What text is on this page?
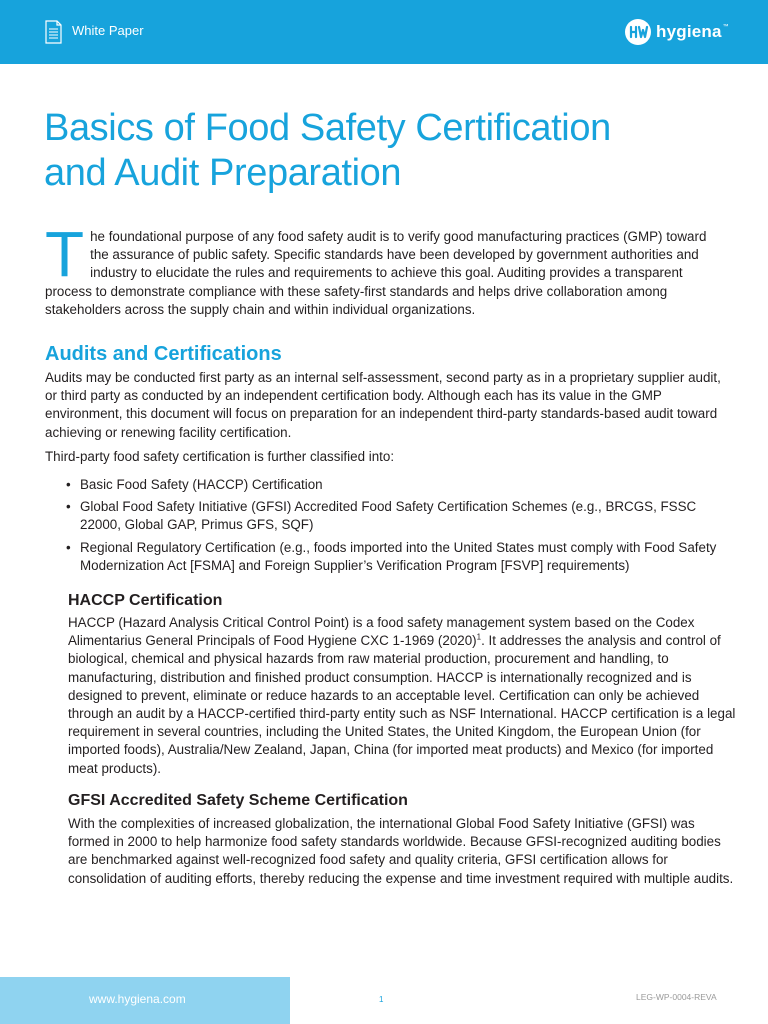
White Paper	hygiena ™
Basics of Food Safety Certification
and Audit Preparation

The foundational purpose of any food safety audit is to verify good manufacturing practices (GMP) toward the assurance of public safety. Specific standards have been developed by government authorities and industry to elucidate the rules and requirements to achieve this goal. Auditing provides a transparent process to demonstrate compliance with these safety-first standards and helps drive collaboration among stakeholders across the supply chain and within individual organizations.

Audits and Certifications

Audits may be conducted first party as an internal self-assessment, second party as in a proprietary supplier audit, or third party as conducted by an independent certification body. Although each has its value in the GMP environment, this document will focus on preparation for an independent third-party standards-based audit toward achieving or renewing facility certification.

Third-party food safety certification is further classified into:

• Basic Food Safety (HACCP) Certification
• Global Food Safety Initiative (GFSI) Accredited Food Safety Certification Schemes (e.g., BRCGS, FSSC 22000, Global GAP, Primus GFS, SQF)
• Regional Regulatory Certification (e.g., foods imported into the United States must comply with Food Safety Modernization Act [FSMA] and Foreign Supplier’s Verification Program [FSVP] requirements)
HACCP Certification

HACCP (Hazard Analysis Critical Control Point) is a food safety management system based on the Codex Alimentarius General Principals of Food Hygiene CXC 1-1969 $(2020)^1$. It addresses the analysis and control of biological, chemical and physical hazards from raw material production, procurement and handling, to manufacturing, distribution and finished product consumption. HACCP is internationally recognized and is designed to prevent, eliminate or reduce hazards to an acceptable level. Certification can only be achieved through an audit by a HACCP-certified third-party entity such as NSF International. HACCP certification is a legal requirement in several countries, including the United States, the United Kingdom, the European Union (for imported foods), Australia/New Zealand, Japan, China (for imported meat products) and Mexico (for imported meat products).

GFSI Accredited Safety Scheme Certification

With the complexities of increased globalization, the international Global Food Safety Initiative (GFSI) was formed in 2000 to help harmonize food safety standards worldwide. Because GFSI-recognized auditing bodies are benchmarked against well-recognized food safety and quality criteria, GFSI certification allows for consolidation of auditing efforts, thereby reducing the expense and time investment required with multiple audits.

www.hygiena.com	1	LEG-WP-0004-REVA
